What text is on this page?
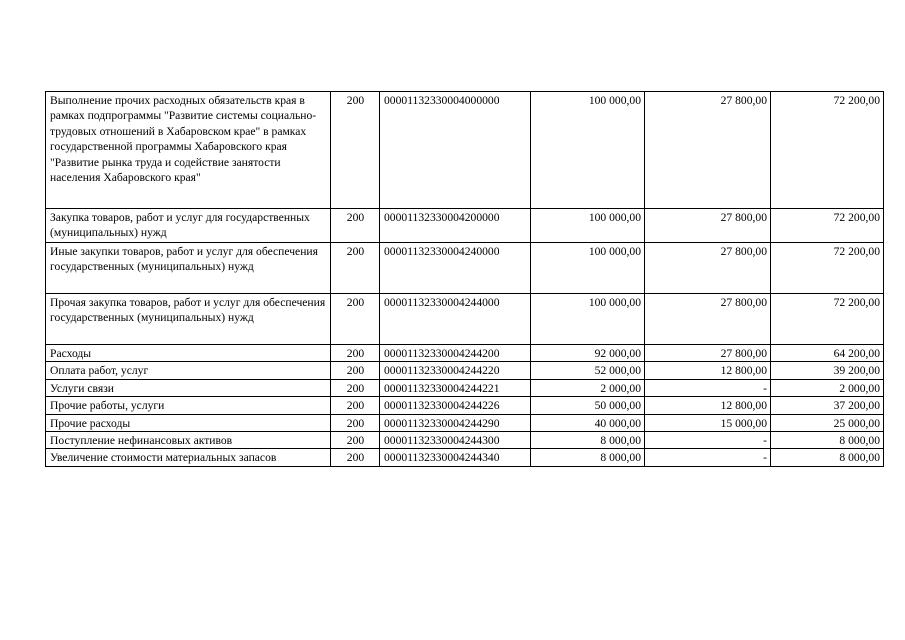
Выполнение прочих расходных обязательств края в рамках подпрограммы "Развитие системы социально-трудовых отношений в Хабаровском крае" в рамках государственной программы Хабаровского края "Развитие рынка труда и содействие занятости населения Хабаровского края"	200	00001132330004000000	100 000,00	27 800,00	72 200,00
Закупка товаров, работ и услуг для государственных (муниципальных) нужд	200	00001132330004200000	100 000,00	27 800,00	72 200,00
Иные закупки товаров, работ и услуг для обеспечения государственных (муниципальных) нужд	200	00001132330004240000	100 000,00	27 800,00	72 200,00
Прочая закупка товаров, работ и услуг для обеспечения государственных (муниципальных) нужд	200	00001132330004244000	100 000,00	27 800,00	72 200,00
Расходы	200	00001132330004244200	92 000,00	27 800,00	64 200,00
Оплата работ, услуг	200	00001132330004244220	52 000,00	12 800,00	39 200,00
Услуги связи	200	00001132330004244221	2 000,00	-	2 000,00
Прочие работы, услуги	200	00001132330004244226	50 000,00	12 800,00	37 200,00
Прочие расходы	200	00001132330004244290	40 000,00	15 000,00	25 000,00
Поступление нефинансовых активов	200	00001132330004244300	8 000,00	-	8 000,00
Увеличение стоимости материальных запасов	200	00001132330004244340	8 000,00	-	8 000,00
